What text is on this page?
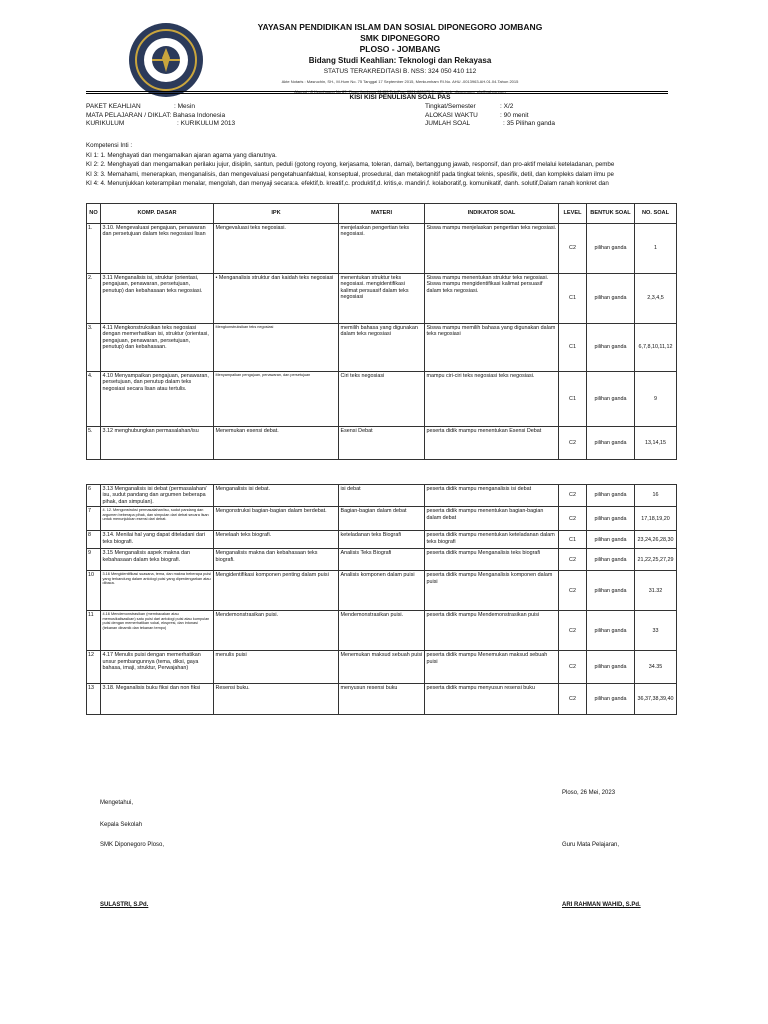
YAYASAN PENDIDIKAN ISLAM DAN SOSIAL DIPONEGORO JOMBANG
SMK DIPONEGORO
PLOSO - JOMBANG
Bidang Studi Keahlian: Teknologi dan Rekayasa
STATUS TERAKREDITASI B. NSS: 324 050 410 112
Akte Notaris : Masruchin, SH., M.Hum No. 75 Tanggal 17 September 2015, Menkumham RI.No. AHU -0013963.AH.01.04.Tahun 2015
Alamat : Jl Kepuhgang No 87. Ploso Jombang 61453 Telp/Fax. 0321-885975 E-mail: smk_diponegoro_pls@yahoo.com
KISI KISI PENULISAN SOAL PAS
PAKET KEAHLIAN	: Mesin
MATA PELAJARAN / DIKLAT: Bahasa Indonesia
KURIKULUM	: KURIKULUM 2013
Tingkat/Semester	: X/2
ALOKASI WAKTU	: 90 menit
JUMLAH SOAL	: 35 Pilihan ganda
Kompetensi Inti :
KI 1: 1. Menghayati dan mengamalkan ajaran agama yang dianutnya.
KI 2: 2. Menghayati dan mengamalkan perilaku jujur, disiplin, santun, peduli (gotong royong, kerjasama, toleran, damai), bertanggung jawab, responsif, dan pro-aktif melalui keteladanan, pembe
KI 3: 3. Memahami, menerapkan, menganalisis, dan mengevaluasi pengetahuanfaktual, konseptual, prosedural, dan metakognitif pada tingkat teknis, spesifik, detil, dan kompleks dalam ilmu pe
KI 4: 4. Menunjukkan keterampilan menalar, mengolah, dan menyaji secara:a. efektif,b. kreatif,c. produktif,d. kritis,e. mandiri,f. kolaboratif,g. komunikatif, danh. solutif,Dalam ranah konkret dan
NO	KOMP. DASAR	IPK	MATERI	INDIKATOR SOAL	LEVEL	BENTUK SOAL	NO. SOAL
1.	3.10. Mengevaluasi pengajuan, penawaran dan persetujuan dalam teks negosiasi lisan	Mengevaluasi teks negosiasi.	menjelaskan pengertian teks negosiasi.	Siswa mampu menjelaskan pengertian teks negosiasi.	C2	pilihan ganda	1
2.	3.11 Menganalisis isi, struktur (orientasi, pengajuan, penawaran, persetujuan, penutup) dan kebahasaan teks negosiasi.	• Menganalisis struktur dan kaidah teks negosiasi	menentukan struktur teks negosiasi. mengidentifikasi kalimat persuasif dalam teks negosiasi	Siswa mampu menentukan struktur teks negosiasi. Siswa mampu mengidentifikasi kalimat persuasif dalam teks negosiasi.	C1	pilihan ganda	2,3,4,5
3.	4.11 Mengkonstruksikan teks negosiasi dengan memerhatikan isi, struktur (orientasi, pengajuan, penawaran, persetujuan, penutup) dan kebahasaan.	Mengkonstruksikan teks negosiasi	memilih bahasa yang digunakan dalam teks negosiasi	Siswa mampu memilih bahasa yang digunakan dalam teks negosiasi	C1	pilihan ganda	6,7,8,10,11,12
4.	4.10 Menyampaikan pengajuan, penawaran, persetujuan, dan penutup dalam teks negosiasi secara lisan atau tertulis.	Menyampaikan pengajuan, penawaran, dan persetujuan	Ciri teks negosiasi	mampu ciri-ciri teks negosiasi teks negosiasi.	C1	pilihan ganda	9
5.	3.12 menghubungkan permasalahan/isu	Menemukan esensi debat.	Esensi Debat	peserta didik mampu menentukan Esensi Debat	C2	pilihan ganda	13,14,15
6	3.13 Menganalisis isi debat (permasalahan/ isu, sudut pandang dan argumen beberapa pihak, dan simpulan).	Menganalisis isi debat.	isi debat	peserta didik mampu menganalisis isi debat	C2	pilihan ganda	16
7	4. 12. Mengonstruksi permasalahan/isu, sudut pandang dan argumen beberapa pihak, dan simpulan dari debat secara lisan untuk menunjukkan esensi dari debat.	Mengonstruksi bagian-bagian dalam berdebat.	Bagian-bagian dalam debat	peserta didik mampu menentukan bagian-bagian dalam debat	C2	pilihan ganda	17,18,19,20
8	3.14. Menilai hal yang dapat diteladani dari teks biografi.	Menelaah teks biografi.	keteladanan teks Biografi	peserta didik mampu menentukan keteladanan dalam teks biografi	C1	pilihan ganda	23,24,26,28,30
9	3.15 Menganalisis aspek makna dan kebahasaan dalam teks biografi.	Menganalisis makna dan kebahasaan teks biografi.	Analisis Teks Biografi	peserta didik mampu Menganalisis teks biografi	C2	pilihan ganda	21,22,25,27,29
10	3.16 Mengidentifikasi suasana, tema, dan makna beberapa puisi yang terkandung dalam antologi puisi yang diperdengarkan atau dibaca.	Mengidentifikasi komponen penting dalam puisi	Analisis komponen dalam puisi	peserta didik mampu Menganalisis komponen dalam puisi	C2	pilihan ganda	31.32
11	4.16 Mendemonstrasikan (membacakan atau memusikalisasikan) satu puisi dari antologi puisi atau kumpulan puisi dengan memerhatikan vokal, ekspresi, dan intonasi (tekanan dinamik dan tekanan tempo)	Mendemonstrasikan puisi.	Mendemonstrasikan puisi.	peserta didik mampu Mendemonstrasikan puisi	C2	pilihan ganda	33
12	4.17 Menulis puisi dengan memerhatikan unsur pembangunnya (tema, diksi, gaya bahasa, imaji, struktur, Perwajahan)	menulis puisi	Menemukan maksud sebuah puisi	peserta didik mampu Menemukan maksud sebuah puisi	C2	pilihan ganda	34.35
13	3.18. Meganalisis buku fiksi dan non fiksi	Resensi buku.	menyusun resensi buku	peserta didik mampu menyusun resensi buku	C2	pilihan ganda	36,37,38,39,40
Ploso, 26 Mei, 2023
Mengetahui,
Kepala Sekolah
SMK Diponegoro Ploso,	Guru Mata Pelajaran,
SULASTRI, S.Pd.	ARI RAHMAN WAHID, S.Pd.
